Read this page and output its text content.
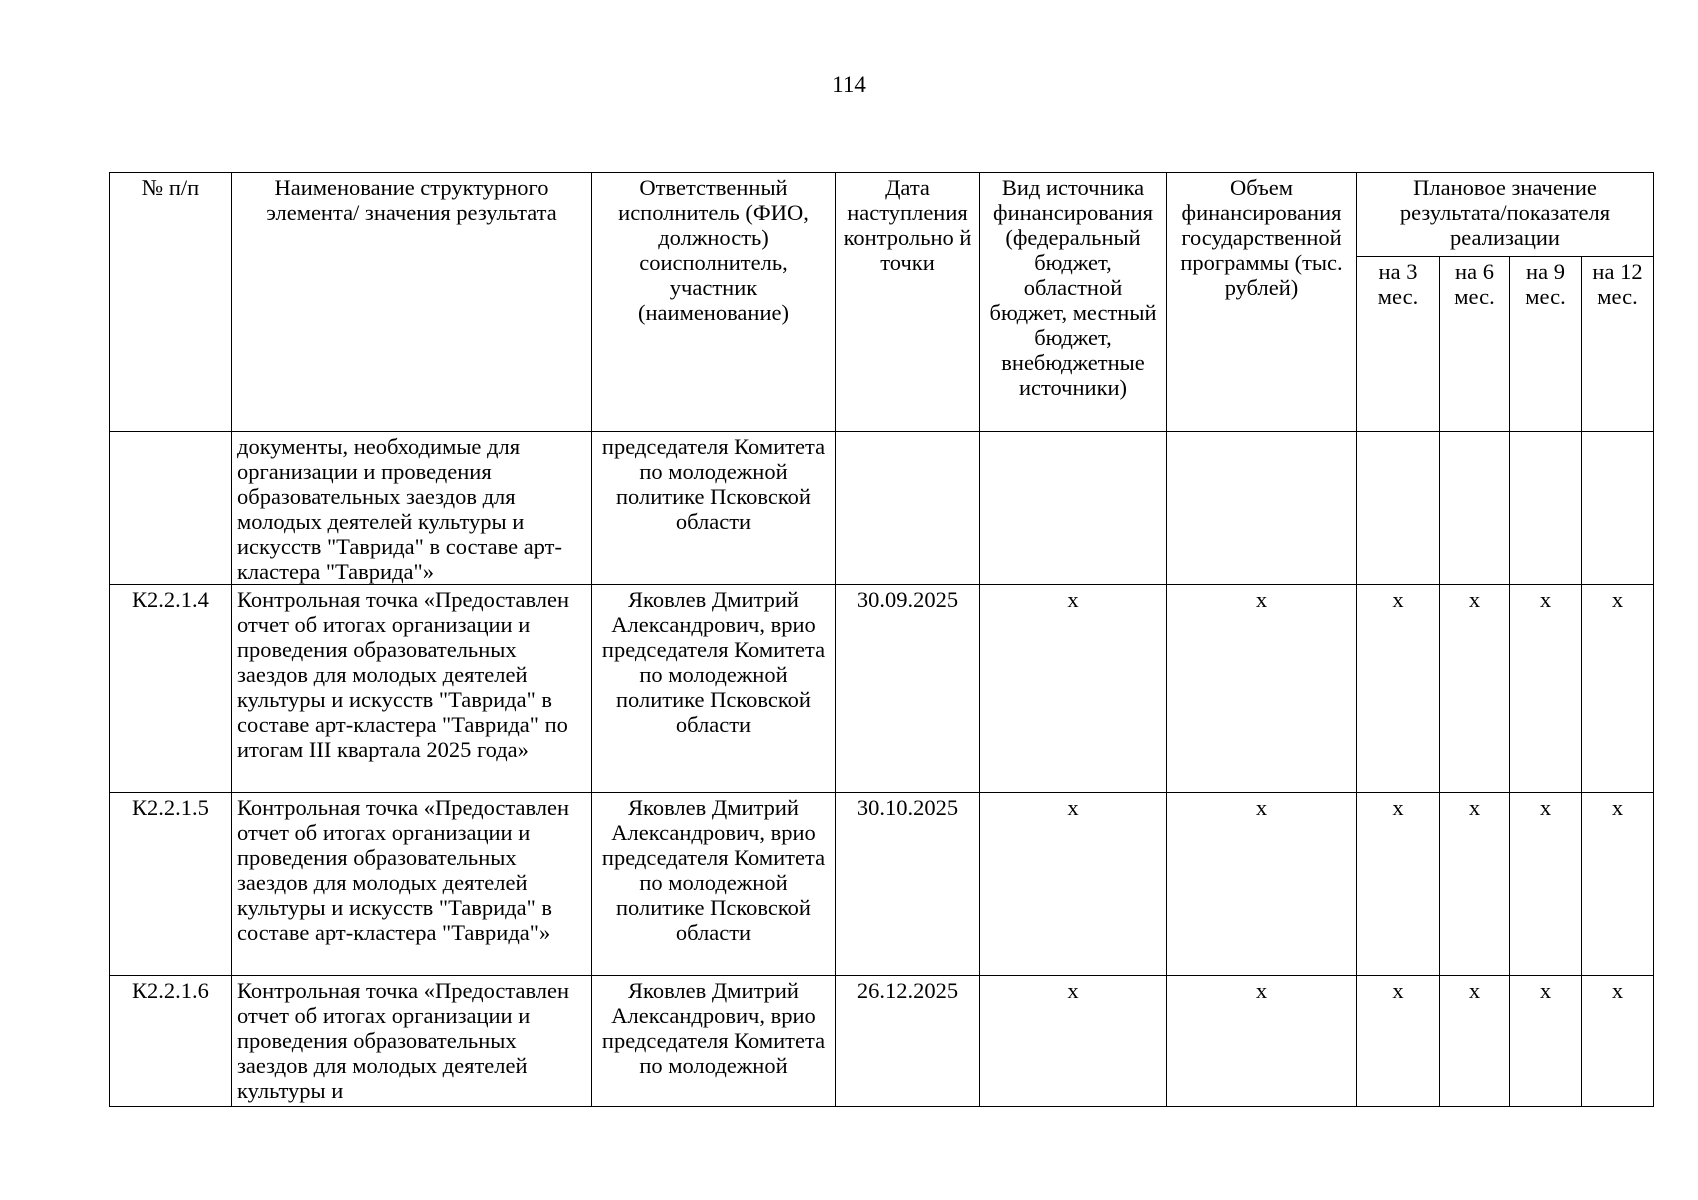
114
№ п/п	Наименование структурного элемента/ значения результата	Ответственный исполнитель (ФИО, должность) соисполнитель, участник (наименование)	Дата наступления контрольно й точки	Вид источника финансирования (федеральный бюджет, областной бюджет, местный бюджет, внебюджетные источники)	Объем финансирования государственной программы (тыс. рублей)	Плановое значение результата/показателя реализации			
						на 3 мес.	на 6 мес.	на 9 мес.	на 12 мес.
	документы, необходимые для организации и проведения образовательных заездов для молодых деятелей культуры и искусств "Таврида" в составе арт-кластера "Таврида"»	председателя Комитета по молодежной политике Псковской области							
К2.2.1.4	Контрольная точка «Предоставлен отчет об итогах организации и проведения образовательных заездов для молодых деятелей культуры и искусств "Таврида" в составе арт-кластера "Таврида" по итогам III квартала 2025 года»	Яковлев Дмитрий Александрович, врио председателя Комитета по молодежной политике Псковской области	30.09.2025	х	х	х	х	х	х
К2.2.1.5	Контрольная точка «Предоставлен отчет об итогах организации и проведения образовательных заездов для молодых деятелей культуры и искусств "Таврида" в составе арт-кластера "Таврида"»	Яковлев Дмитрий Александрович, врио председателя Комитета по молодежной политике Псковской области	30.10.2025	х	х	х	х	х	х
К2.2.1.6	Контрольная точка «Предоставлен отчет об итогах организации и проведения образовательных заездов для молодых деятелей культуры и	Яковлев Дмитрий Александрович, врио председателя Комитета по молодежной	26.12.2025	х	х	х	х	х	х
